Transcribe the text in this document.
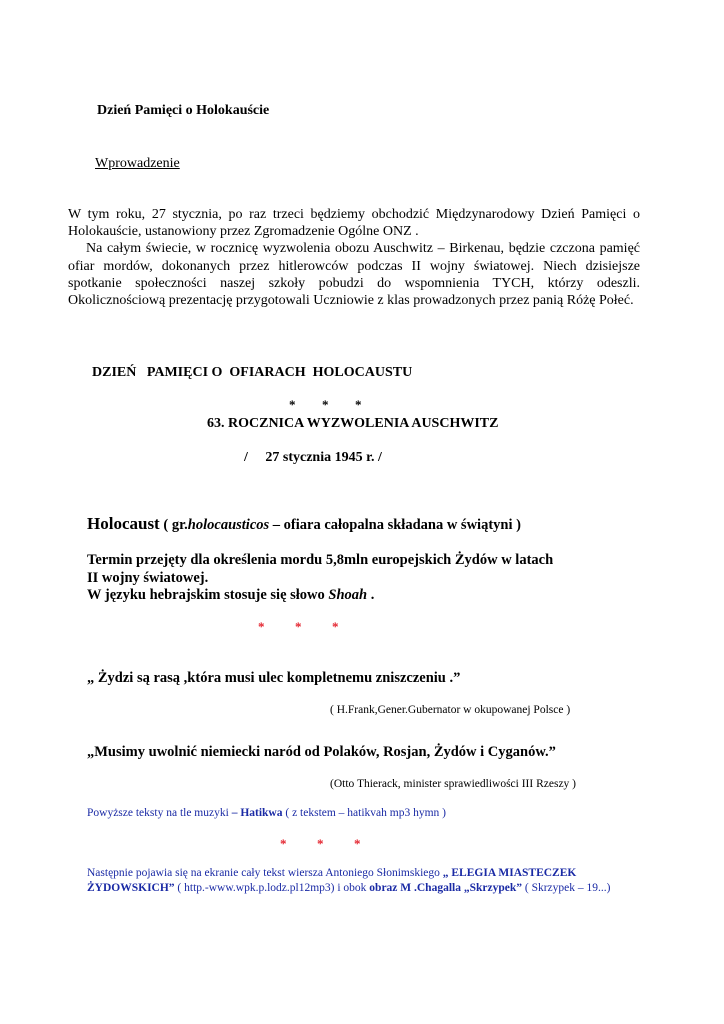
Dzień Pamięci o Holokauście
Wprowadzenie

W tym roku, 27 stycznia, po raz trzeci będziemy obchodzić Międzynarodowy Dzień Pamięci o Holokauście, ustanowiony przez Zgromadzenie Ogólne ONZ .

Na całym świecie, w rocznicę wyzwolenia obozu Auschwitz – Birkenau, będzie czczona pamięć ofiar mordów, dokonanych przez hitlerowców podczas II wojny światowej. Niech dzisiejsze spotkanie społeczności naszej szkoły pobudzi do wspomnienia TYCH, którzy odeszli. Okolicznościową prezentację przygotowali Uczniowie z klas prowadzonych przez panią Różę Połeć.

DZIEŃ   PAMIĘCI O  OFIARACH  HOLOCAUSTU
*  *  *
63. ROCZNICA WYZWOLENIA AUSCHWITZ
/     27 stycznia 1945 r. /
Holocaust ( gr.holocausticos – ofiara całopalna składana w świątyni )

Termin przejęty dla określenia mordu 5,8mln europejskich Żydów w latach

II wojny światowej.

W języku hebrajskim stosuje się słowo Shoah .

*  *  *
„ Żydzi są rasą ,która musi ulec kompletnemu zniszczeniu .”
( H.Frank,Gener.Gubernator w okupowanej Polsce )
„Musimy uwolnić niemiecki naród od Polaków, Rosjan, Żydów i Cyganów.”
(Otto Thierack, minister sprawiedliwości III Rzeszy )
Powyższe teksty na tle muzyki – Hatikwa ( z tekstem – hatikvah mp3 hymn )
*  *  *
Następnie pojawia się na ekranie cały tekst wiersza Antoniego Słonimskiego „ ELEGIA MIASTECZEK ŻYDOWSKICH” ( http.-www.wpk.p.lodz.pl12mp3) i obok obraz M .Chagalla „Skrzypek” ( Skrzypek – 19...)
